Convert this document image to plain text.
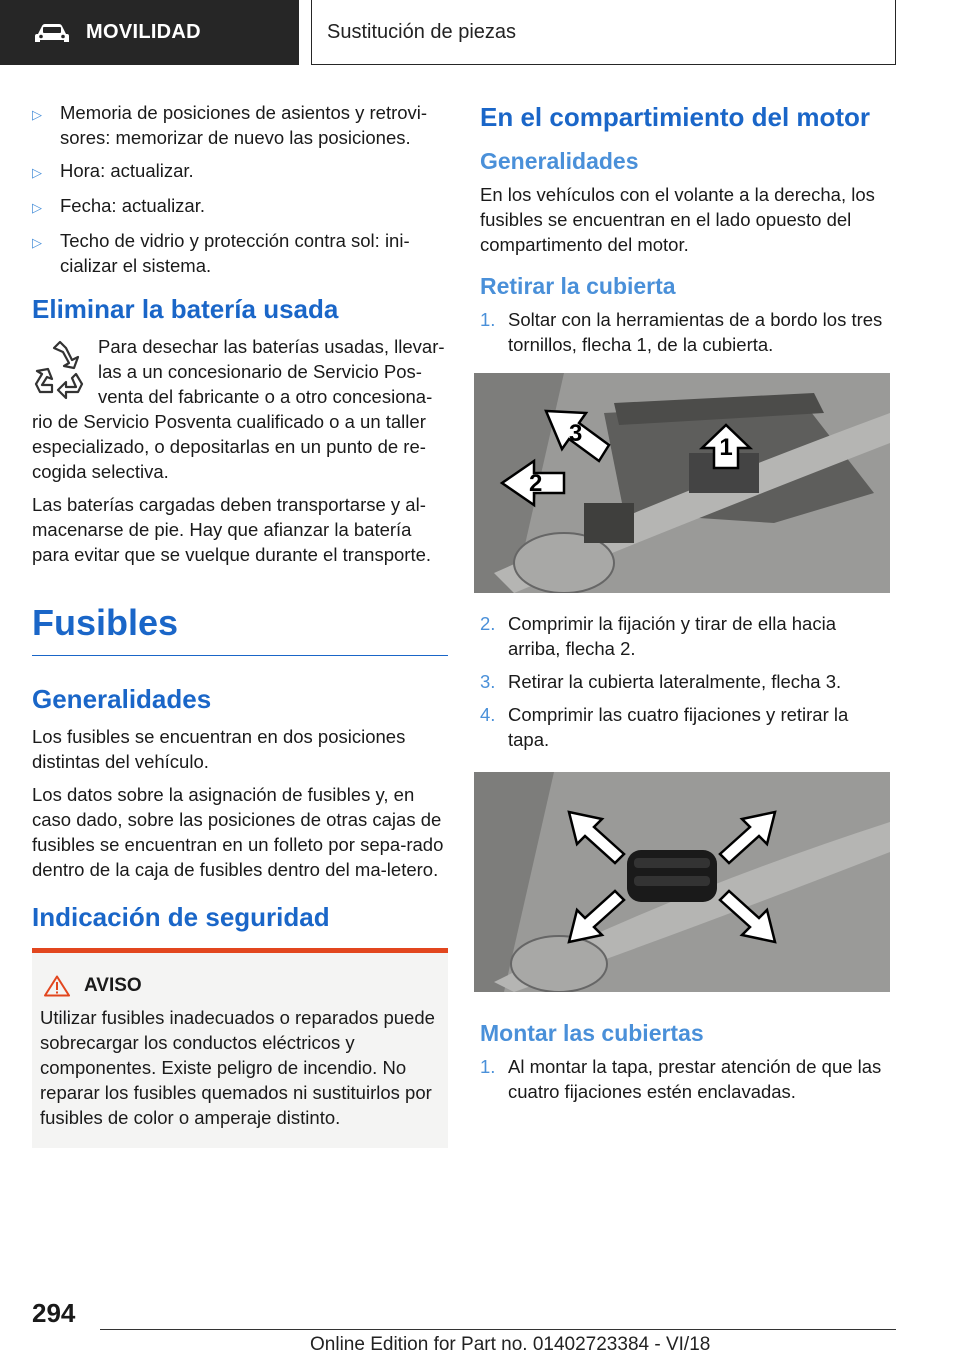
MOVILIDAD	Sustitución de piezas
▷ Memoria de posiciones de asientos y retrovi-sores: memorizar de nuevo las posiciones.
▷ Hora: actualizar.
▷ Fecha: actualizar.
▷ Techo de vidrio y protección contra sol: ini-cializar el sistema.
Eliminar la batería usada

Para desechar las baterías usadas, llevar-las a un concesionario de Servicio Pos-venta del fabricante o a otro concesiona-rio de Servicio Posventa cualificado o a un taller especializado, o depositarlas en un punto de re-cogida selectiva.

Las baterías cargadas deben transportarse y al-macenarse de pie. Hay que afianzar la batería para evitar que se vuelque durante el transporte.

Fusibles
Generalidades

Los fusibles se encuentran en dos posiciones distintas del vehículo.

Los datos sobre la asignación de fusibles y, en caso dado, sobre las posiciones de otras cajas de fusibles se encuentran en un folleto por sepa-rado dentro de la caja de fusibles dentro del ma-letero.

Indicación de seguridad
AVISO

Utilizar fusibles inadecuados o reparados puede sobrecargar los conductos eléctricos y componentes. Existe peligro de incendio. No reparar los fusibles quemados ni sustituirlos por fusibles de color o amperaje distinto.

En el compartimiento del motor
Generalidades

En los vehículos con el volante a la derecha, los fusibles se encuentran en el lado opuesto del compartimento del motor.

Retirar la cubierta
1. Soltar con la herramientas de a bordo los tres tornillos, flecha 1, de la cubierta.
1
2
3
2. Comprimir la fijación y tirar de ella hacia arriba, flecha 2.
3. Retirar la cubierta lateralmente, flecha 3.
4. Comprimir las cuatro fijaciones y retirar la tapa.
Montar las cubiertas
1. Al montar la tapa, prestar atención de que las cuatro fijaciones estén enclavadas.
294
Online Edition for Part no. 01402723384 - VI/18
